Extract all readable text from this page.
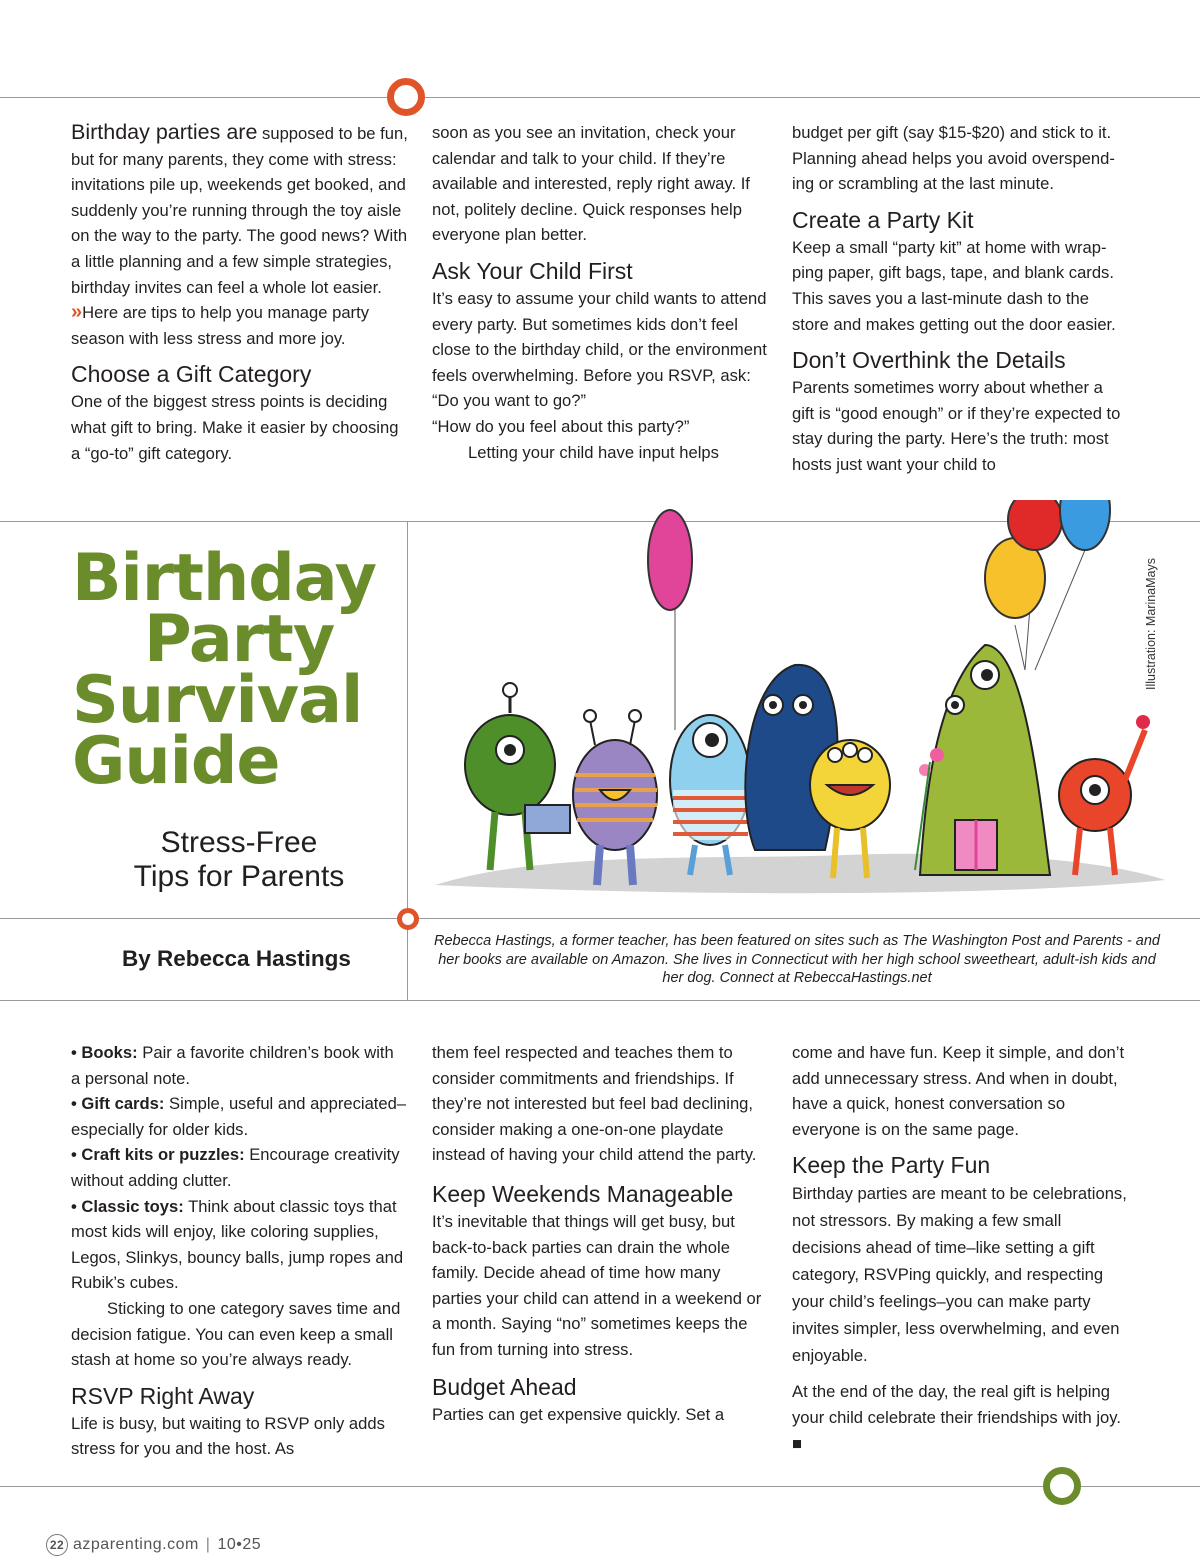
Birthday parties are supposed to be fun, but for many parents, they come with stress: invitations pile up, weekends get booked, and suddenly you’re running through the toy aisle on the way to the party. The good news? With a little planning and a few simple strategies, birthday invites can feel a whole lot easier.

»Here are tips to help you manage party season with less stress and more joy.

Choose a Gift Category

One of the biggest stress points is deciding what gift to bring. Make it easier by choosing a “go-to” gift category.

soon as you see an invitation, check your calendar and talk to your child. If they’re available and interested, reply right away. If not, politely decline. Quick responses help everyone plan better.

Ask Your Child First

It’s easy to assume your child wants to attend every party. But sometimes kids don’t feel close to the birthday child, or the environment feels overwhelming. Before you RSVP, ask:

“Do you want to go?”

“How do you feel about this party?”

Letting your child have input helps

budget per gift (say $15-$20) and stick to it. Planning ahead helps you avoid overspend-ing or scrambling at the last minute.

Create a Party Kit

Keep a small “party kit” at home with wrap-ping paper, gift bags, tape, and blank cards. This saves you a last-minute dash to the store and makes getting out the door easier.

Don’t Overthink the Details

Parents sometimes worry about whether a gift is “good enough” or if they’re expected to stay during the party. Here’s the truth: most hosts just want your child to

Birthday
Party
Survival
Guide
Stress-Free
Tips for Parents
Illustration: MarinaMays
By Rebecca Hastings
Rebecca Hastings, a former teacher, has been featured on sites such as The Washington Post and Parents - and her books are available on Amazon. She lives in Connecticut with her high school sweetheart, adult-ish kids and her dog. Connect at RebeccaHastings.net

• Books: Pair a favorite children’s book with a personal note.

• Gift cards: Simple, useful and appreciated–especially for older kids.

• Craft kits or puzzles: Encourage creativity without adding clutter.

• Classic toys: Think about classic toys that most kids will enjoy, like coloring supplies, Legos, Slinkys, bouncy balls, jump ropes and Rubik’s cubes.

Sticking to one category saves time and decision fatigue. You can even keep a small stash at home so you’re always ready.

RSVP Right Away

Life is busy, but waiting to RSVP only adds stress for you and the host. As

them feel respected and teaches them to consider commitments and friendships. If they’re not interested but feel bad declining, consider making a one-on-one playdate instead of having your child attend the party.

Keep Weekends Manageable

It’s inevitable that things will get busy, but back-to-back parties can drain the whole family. Decide ahead of time how many parties your child can attend in a weekend or a month. Saying “no” sometimes keeps the fun from turning into stress.

Budget Ahead

Parties can get expensive quickly. Set a

come and have fun. Keep it simple, and don’t add unnecessary stress. And when in doubt, have a quick, honest conversation so everyone is on the same page.

Keep the Party Fun

Birthday parties are meant to be celebrations, not stressors. By making a few small decisions ahead of time–like setting a gift category, RSVPing quickly, and respecting your child’s feelings–you can make party invites simpler, less overwhelming, and even enjoyable.

At the end of the day, the real gift is helping your child celebrate their friendships with joy. ■

22 azparenting.com | 10•25
